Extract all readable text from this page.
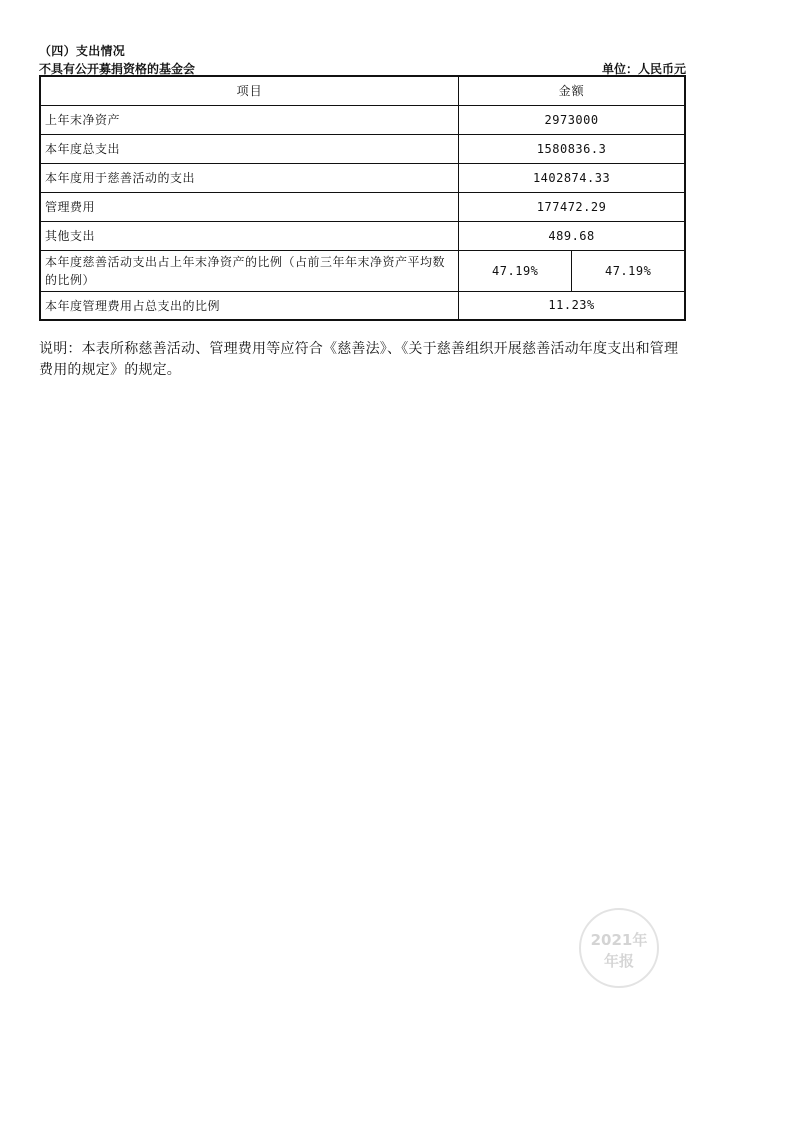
（四）支出情况
不具有公开募捐资格的基金会	单位：人民币元
项目	金额	
上年末净资产	2973000	
本年度总支出	1580836.3	
本年度用于慈善活动的支出	1402874.33	
管理费用	177472.29	
其他支出	489.68	
本年度慈善活动支出占上年末净资产的比例（占前三年年末净资产平均数的比例）	47.19%	47.19%
本年度管理费用占总支出的比例	11.23%	
说明：本表所称慈善活动、管理费用等应符合《慈善法》、《关于慈善组织开展慈善活动年度支出和管理费用的规定》的规定。
2021年
年报
